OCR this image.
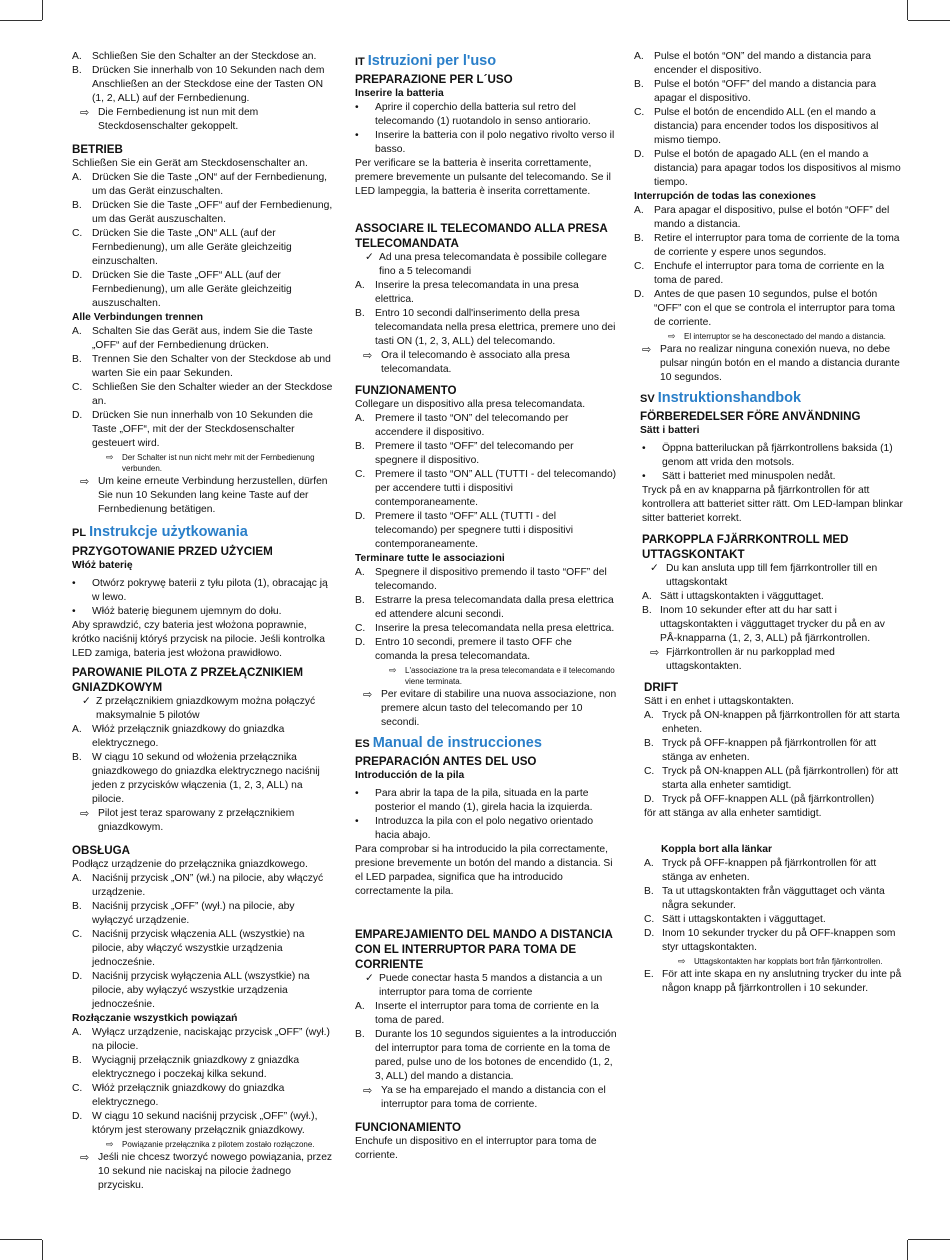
A. Schließen Sie den Schalter an der Steckdose an.
B. Drücken Sie innerhalb von 10 Sekunden nach dem Anschließen an der Steckdose eine der Tasten ON (1, 2, ALL) auf der Fernbedienung.
⇨ Die Fernbedienung ist nun mit dem Steckdosenschalter gekoppelt.
BETRIEB

Schließen Sie ein Gerät am Steckdosenschalter an.

A. Drücken Sie die Taste „ON“ auf der Fernbedienung, um das Gerät einzuschalten.
B. Drücken Sie die Taste „OFF“ auf der Fernbedienung, um das Gerät auszuschalten.
C. Drücken Sie die Taste „ON“ ALL (auf der Fernbedienung), um alle Geräte gleichzeitig einzuschalten.
D. Drücken Sie die Taste „OFF“ ALL (auf der Fernbedienung), um alle Geräte gleichzeitig auszuschalten.
Alle Verbindungen trennen
A. Schalten Sie das Gerät aus, indem Sie die Taste „OFF“ auf der Fernbedienung drücken.
B. Trennen Sie den Schalter von der Steckdose ab und warten Sie ein paar Sekunden.
C. Schließen Sie den Schalter wieder an der Steckdose an.
D. Drücken Sie nun innerhalb von 10 Sekunden die Taste „OFF“, mit der der Steckdosenschalter gesteuert wird.
⇨ Der Schalter ist nun nicht mehr mit der Fernbedienung verbunden.
⇨ Um keine erneute Verbindung herzustellen, dürfen Sie nun 10 Sekunden lang keine Taste auf der Fernbedienung betätigen.
PL Instrukcje użytkowania
PRZYGOTOWANIE PRZED UŻYCIEM
Włóż baterię
• Otwórz pokrywę baterii z tyłu pilota (1), obracając ją w lewo.
• Włóż baterię biegunem ujemnym do dołu.

Aby sprawdzić, czy bateria jest włożona poprawnie, krótko naciśnij któryś przycisk na pilocie. Jeśli kontrolka LED zamiga, bateria jest włożona prawidłowo.

PAROWANIE PILOTA Z PRZEŁĄCZNIKIEM GNIAZDKOWYM
✓ Z przełącznikiem gniazdkowym można połączyć maksymalnie 5 pilotów
A. Włóż przełącznik gniazdkowy do gniazdka elektrycznego.
B. W ciągu 10 sekund od włożenia przełącznika gniazdkowego do gniazdka elektrycznego naciśnij jeden z przycisków włączenia (1, 2, 3, ALL) na pilocie.
⇨ Pilot jest teraz sparowany z przełącznikiem gniazdkowym.
OBSŁUGA

Podłącz urządzenie do przełącznika gniazdkowego.

A. Naciśnij przycisk „ON” (wł.) na pilocie, aby włączyć urządzenie.
B. Naciśnij przycisk „OFF” (wył.) na pilocie, aby wyłączyć urządzenie.
C. Naciśnij przycisk włączenia ALL (wszystkie) na pilocie, aby włączyć wszystkie urządzenia jednocześnie.
D. Naciśnij przycisk wyłączenia ALL (wszystkie) na pilocie, aby wyłączyć wszystkie urządzenia jednocześnie.
Rozłączanie wszystkich powiązań
A. Wyłącz urządzenie, naciskając przycisk „OFF” (wył.) na pilocie.
B. Wyciągnij przełącznik gniazdkowy z gniazdka elektrycznego i poczekaj kilka sekund.
C. Włóż przełącznik gniazdkowy do gniazdka elektrycznego.
D. W ciągu 10 sekund naciśnij przycisk „OFF” (wył.), którym jest sterowany przełącznik gniazdkowy.
⇨ Powiązanie przełącznika z pilotem zostało rozłączone.
⇨ Jeśli nie chcesz tworzyć nowego powiązania, przez 10 sekund nie naciskaj na pilocie żadnego przycisku.
IT Istruzioni per l'uso
PREPARAZIONE PER L´USO
Inserire la batteria
• Aprire il coperchio della batteria sul retro del telecomando (1) ruotandolo in senso antiorario.
• Inserire la batteria con il polo negativo rivolto verso il basso.

Per verificare se la batteria è inserita correttamente, premere brevemente un pulsante del telecomando. Se il LED lampeggia, la batteria è inserita correttamente.

ASSOCIARE IL TELECOMANDO ALLA PRESA TELECOMANDATA
✓ Ad una presa telecomandata è possibile collegare fino a 5 telecomandi
A. Inserire la presa telecomandata in una presa elettrica.
B. Entro 10 secondi dall'inserimento della presa telecomandata nella presa elettrica, premere uno dei tasti ON (1, 2, 3, ALL) del telecomando.
⇨ Ora il telecomando è associato alla presa telecomandata.
FUNZIONAMENTO

Collegare un dispositivo alla presa telecomandata.

A. Premere il tasto “ON” del telecomando per accendere il dispositivo.
B. Premere il tasto “OFF” del telecomando per spegnere il dispositivo.
C. Premere il tasto “ON” ALL (TUTTI - del telecomando) per accendere tutti i dispositivi contemporaneamente.
D. Premere il tasto “OFF” ALL (TUTTI - del telecomando) per spegnere tutti i dispositivi contemporaneamente.
Terminare tutte le associazioni
A. Spegnere il dispositivo premendo il tasto “OFF” del telecomando.
B. Estrarre la presa telecomandata dalla presa elettrica ed attendere alcuni secondi.
C. Inserire la presa telecomandata nella presa elettrica.
D. Entro 10 secondi, premere il tasto OFF che comanda la presa telecomandata.
⇨ L'associazione tra la presa telecomandata e il telecomando viene terminata.
⇨ Per evitare di stabilire una nuova associazione, non premere alcun tasto del telecomando per 10 secondi.
ES Manual de instrucciones
PREPARACIÓN ANTES DEL USO
Introducción de la pila
• Para abrir la tapa de la pila, situada en la parte posterior el mando (1), girela hacia la izquierda.
• Introduzca la pila con el polo negativo orientado hacia abajo.

Para comprobar si ha introducido la pila correctamente, presione brevemente un botón del mando a distancia. Si el LED parpadea, significa que ha introducido correctamente la pila.

EMPAREJAMIENTO DEL MANDO A DISTANCIA CON EL INTERRUPTOR PARA TOMA DE CORRIENTE
✓ Puede conectar hasta 5 mandos a distancia a un interruptor para toma de corriente
A. Inserte el interruptor para toma de corriente en la toma de pared.
B. Durante los 10 segundos siguientes a la introducción del interruptor para toma de corriente en la toma de pared, pulse uno de los botones de encendido (1, 2, 3, ALL) del mando a distancia.
⇨ Ya se ha emparejado el mando a distancia con el interruptor para toma de corriente.
FUNCIONAMIENTO

Enchufe un dispositivo en el interruptor para toma de corriente.

A. Pulse el botón “ON” del mando a distancia para encender el dispositivo.
B. Pulse el botón “OFF” del mando a distancia para apagar el dispositivo.
C. Pulse el botón de encendido ALL (en el mando a distancia) para encender todos los dispositivos al mismo tiempo.
D. Pulse el botón de apagado ALL (en el mando a distancia) para apagar todos los dispositivos al mismo tiempo.
Interrupción de todas las conexiones
A. Para apagar el dispositivo, pulse el botón “OFF” del mando a distancia.
B. Retire el interruptor para toma de corriente de la toma de corriente y espere unos segundos.
C. Enchufe el interruptor para toma de corriente en la toma de pared.
D. Antes de que pasen 10 segundos, pulse el botón “OFF” con el que se controla el interruptor para toma de corriente.
⇨ El interruptor se ha desconectado del mando a distancia.
⇨ Para no realizar ninguna conexión nueva, no debe pulsar ningún botón en el mando a distancia durante 10 segundos.
SV Instruktionshandbok
FÖRBEREDELSER FÖRE ANVÄNDNING
Sätt i batteri
• Öppna batteriluckan på fjärrkontrollens baksida (1) genom att vrida den motsols.
• Sätt i batteriet med minuspolen nedåt.

Tryck på en av knapparna på fjärrkontrollen för att kontrollera att batteriet sitter rätt. Om LED-lampan blinkar sitter batteriet korrekt.

PARKOPPLA FJÄRRKONTROLL MED UTTAGSKONTAKT
✓ Du kan ansluta upp till fem fjärrkontroller till en uttagskontakt
A. Sätt i uttagskontakten i vägguttaget.
B. Inom 10 sekunder efter att du har satt i uttagskontakten i vägguttaget trycker du på en av PÅ-knapparna (1, 2, 3, ALL) på fjärrkontrollen.
⇨ Fjärrkontrollen är nu parkopplad med uttagskontakten.
DRIFT

Sätt i en enhet i uttagskontakten.

A. Tryck på ON-knappen på fjärrkontrollen för att starta enheten.
B. Tryck på OFF-knappen på fjärrkontrollen för att stänga av enheten.
C. Tryck på ON-knappen ALL (på fjärrkontrollen) för att starta alla enheter samtidigt.
D. Tryck på OFF-knappen ALL (på fjärrkontrollen)

för att stänga av alla enheter samtidigt.

Koppla bort alla länkar
A. Tryck på OFF-knappen på fjärrkontrollen för att stänga av enheten.
B. Ta ut uttagskontakten från vägguttaget och vänta några sekunder.
C. Sätt i uttagskontakten i vägguttaget.
D. Inom 10 sekunder trycker du på OFF-knappen som styr uttagskontakten.
⇨ Uttagskontakten har kopplats bort från fjärrkontrollen.
E. För att inte skapa en ny anslutning trycker du inte på någon knapp på fjärrkontrollen i 10 sekunder.
